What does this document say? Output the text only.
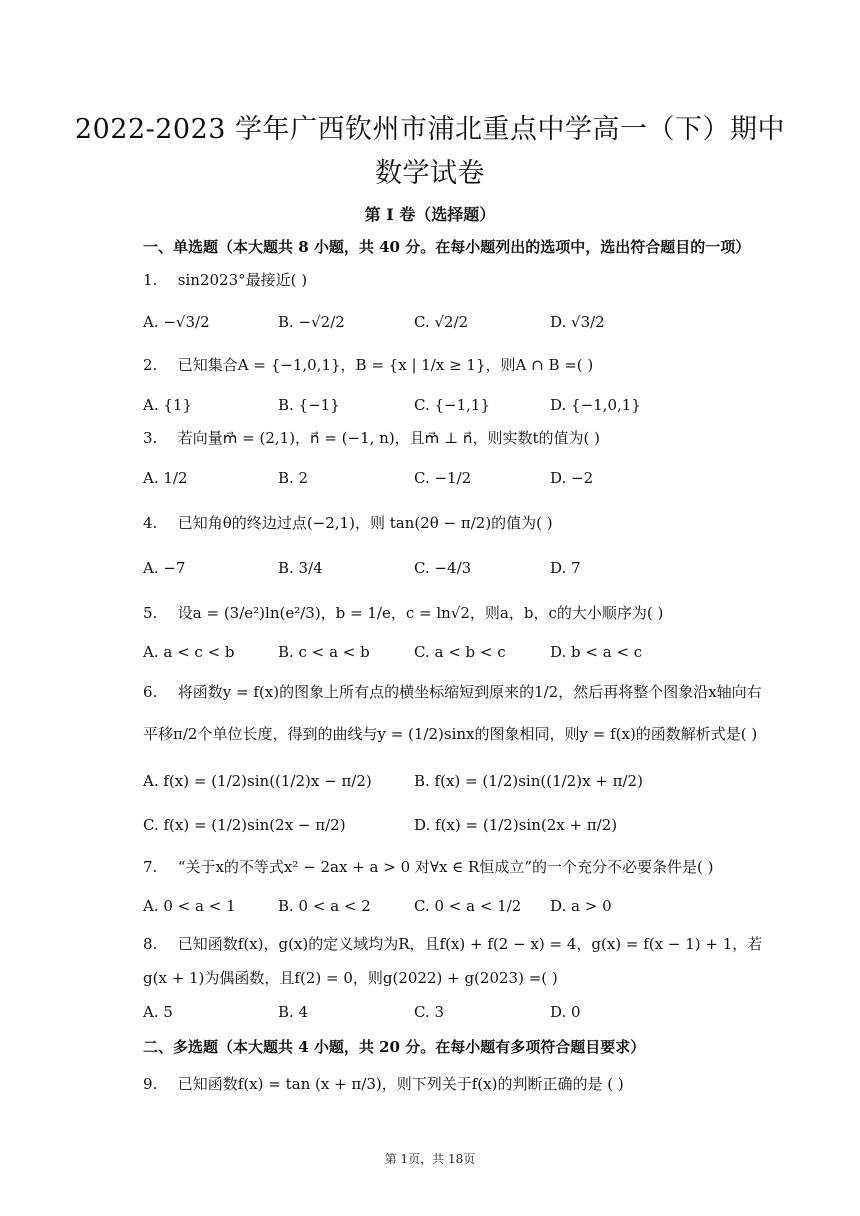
2022-2023 学年广西钦州市浦北重点中学高一（下）期中
数学试卷
第 I 卷（选择题）
一、单选题（本大题共 8 小题，共 40 分。在每小题列出的选项中，选出符合题目的一项）
1. sin2023°最接近( )
A. −√3/2	B. −√2/2	C. √2/2	D. √3/2
2. 已知集合A = {−1,0,1}，B = {x | 1/x ≥ 1}，则A ∩ B =( )
A. {1}	B. {−1}	C. {−1,1}	D. {−1,0,1}
3. 若向量m⃗ = (2,1)，n⃗ = (−1, n)，且m⃗ ⊥ n⃗，则实数t的值为( )
A. 1/2	B. 2	C. −1/2	D. −2
4. 已知角θ的终边过点(−2,1)，则 tan(2θ − π/2)的值为( )
A. −7	B. 3/4	C. −4/3	D. 7
5. 设a = (3/e²)ln(e²/3)，b = 1/e，c = ln√2，则a，b，c的大小顺序为( )
A. a < c < b	B. c < a < b	C. a < b < c	D. b < a < c
6. 将函数y = f(x)的图象上所有点的横坐标缩短到原来的1/2，然后再将整个图象沿x轴向右
平移π/2个单位长度，得到的曲线与y = (1/2)sinx的图象相同，则y = f(x)的函数解析式是( )
A. f(x) = (1/2)sin((1/2)x − π/2)	B. f(x) = (1/2)sin((1/2)x + π/2)
C. f(x) = (1/2)sin(2x − π/2)	D. f(x) = (1/2)sin(2x + π/2)
7. “关于x的不等式x² − 2ax + a > 0 对∀x ∈ R恒成立”的一个充分不必要条件是( )
A. 0 < a < 1	B. 0 < a < 2	C. 0 < a < 1/2 D. a > 0
8. 已知函数f(x)，g(x)的定义域均为R，且f(x) + f(2 − x) = 4，g(x) = f(x − 1) + 1，若
g(x + 1)为偶函数，且f(2) = 0，则g(2022) + g(2023) =( )
A. 5	B. 4	C. 3	D. 0
二、多选题（本大题共 4 小题，共 20 分。在每小题有多项符合题目要求）
9. 已知函数f(x) = tan (x + π/3)，则下列关于f(x)的判断正确的是 ( )
第 1页，共 18页
